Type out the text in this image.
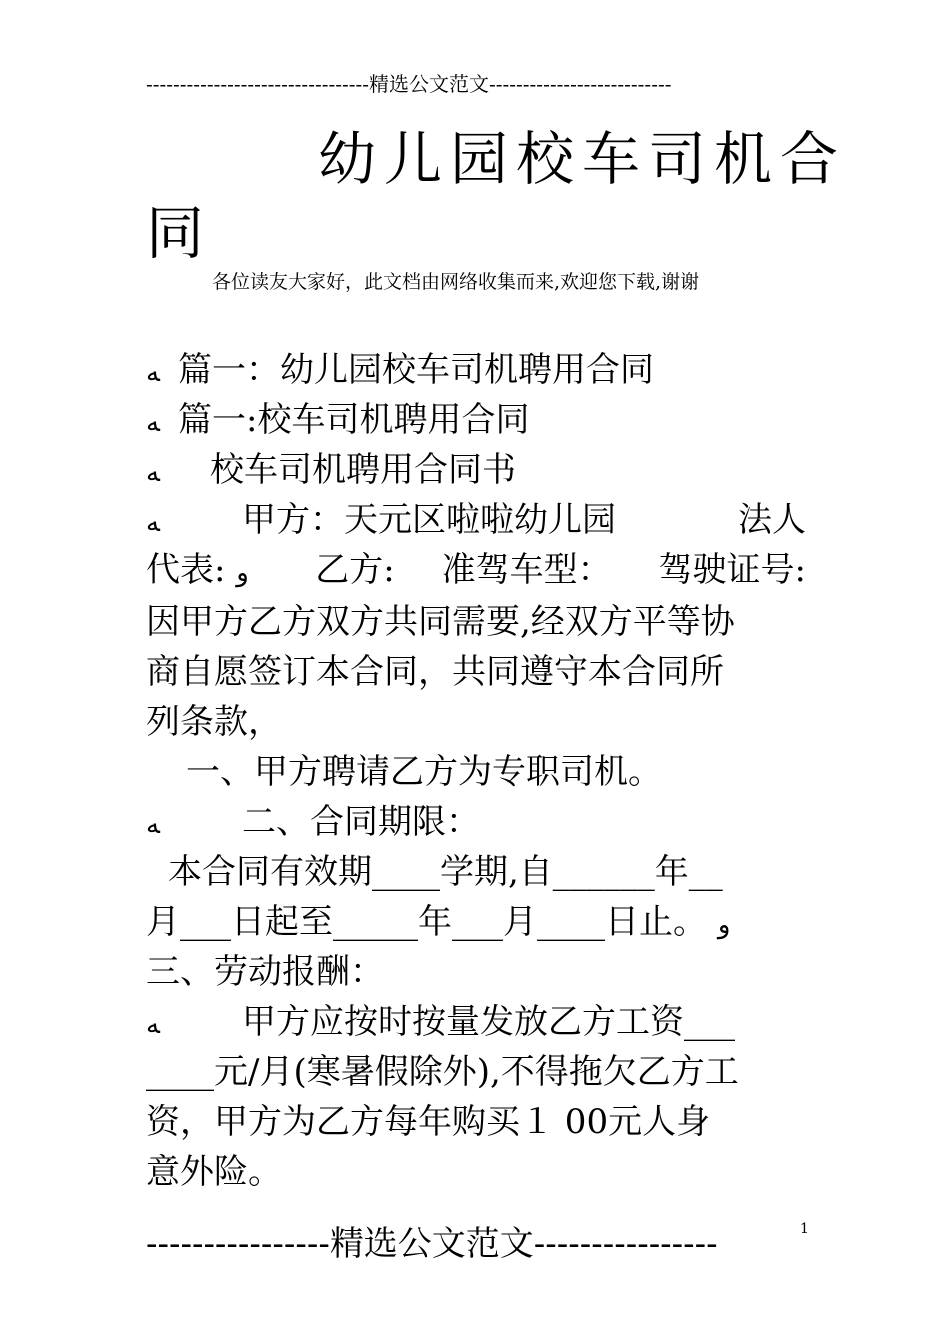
---------------------------------精选公文范文---------------------------
幼儿园校车司机合
同
各位读友大家好，此文档由网络收集而来,欢迎您下载,谢谢
ﻪ 篇一：幼儿园校车司机聘用合同
ﻪ 篇一:校车司机聘用合同
ﻪ 校车司机聘用合同书
ﻪ 甲方：天元区啦啦幼儿园	法人
代表: ﻭ	乙方: 准驾车型： 驾驶证号:
因甲方乙方双方共同需要,经双方平等协
商自愿签订本合同，共同遵守本合同所
列条款，
一、甲方聘请乙方为专职司机。
ﻪ 二、合同期限：
本合同有效期____学期,自______年__
月___日起至_____年___月____日止。 ﻭ
三、劳动报酬：
ﻪ 甲方应按时按量发放乙方工资___
____元/月(寒暑假除外),不得拖欠乙方工
资，甲方为乙方每年购买１ 00元人身
意外险。
----------------精选公文范文----------------	1
